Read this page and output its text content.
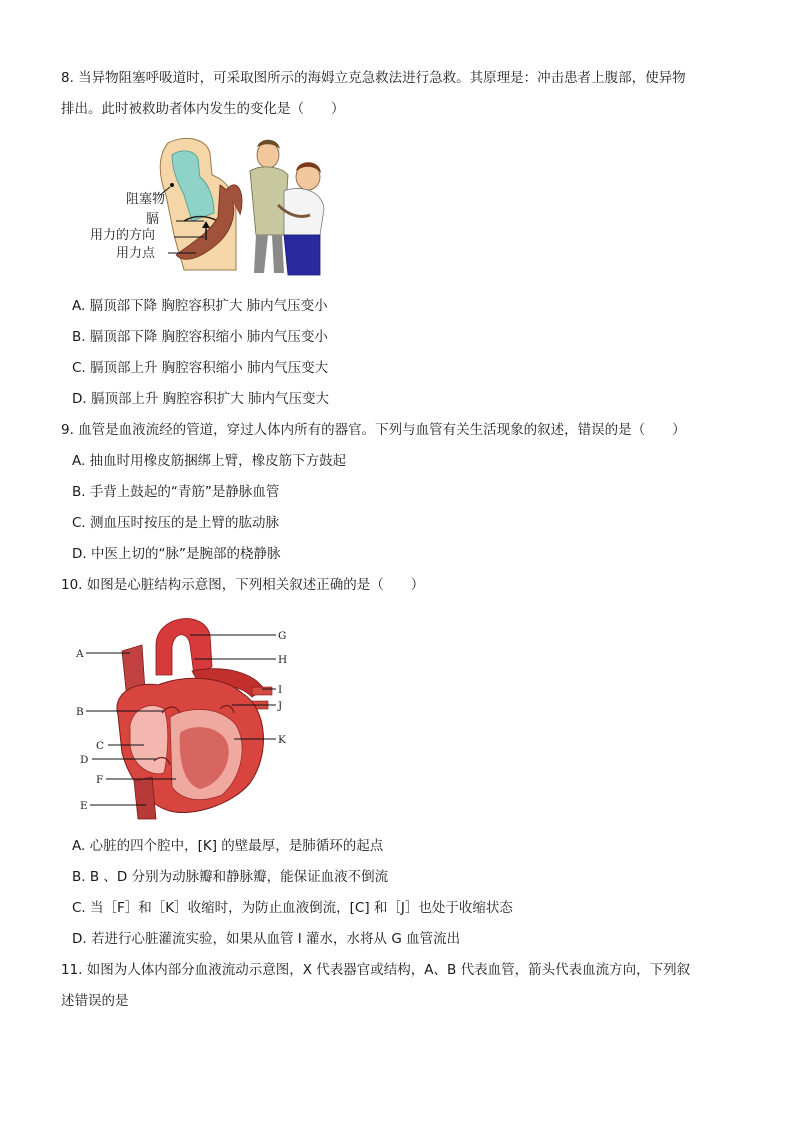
8. 当异物阻塞呼吸道时，可采取图所示的海姆立克急救法进行急救。其原理是：冲击患者上腹部，使异物
排出。此时被救助者体内发生的变化是（　　）
阻塞物
膈
用力的方向
用力点
A. 膈顶部下降 胸腔容积扩大 肺内气压变小
B. 膈顶部下降 胸腔容积缩小 肺内气压变小
C. 膈顶部上升 胸腔容积缩小 肺内气压变大
D. 膈顶部上升 胸腔容积扩大 肺内气压变大
9. 血管是血液流经的管道，穿过人体内所有的器官。下列与血管有关生活现象的叙述，错误的是（　　）
A. 抽血时用橡皮筋捆绑上臂，橡皮筋下方鼓起
B. 手背上鼓起的“青筋”是静脉血管
C. 测血压时按压的是上臂的肱动脉
D. 中医上切的“脉”是腕部的桡静脉
10. 如图是心脏结构示意图，下列相关叙述正确的是（　　）
A
B
C
D
F
E
G
H
I
J
K
A. 心脏的四个腔中，[K] 的壁最厚，是肺循环的起点
B. B 、D 分别为动脉瓣和静脉瓣，能保证血液不倒流
C. 当［F］和［K］收缩时，为防止血液倒流，[C] 和［J］也处于收缩状态
D. 若进行心脏灌流实验，如果从血管 I 灌水，水将从 G 血管流出
11. 如图为人体内部分血液流动示意图，X 代表器官或结构，A、B 代表血管，箭头代表血流方向，下列叙
述错误的是
